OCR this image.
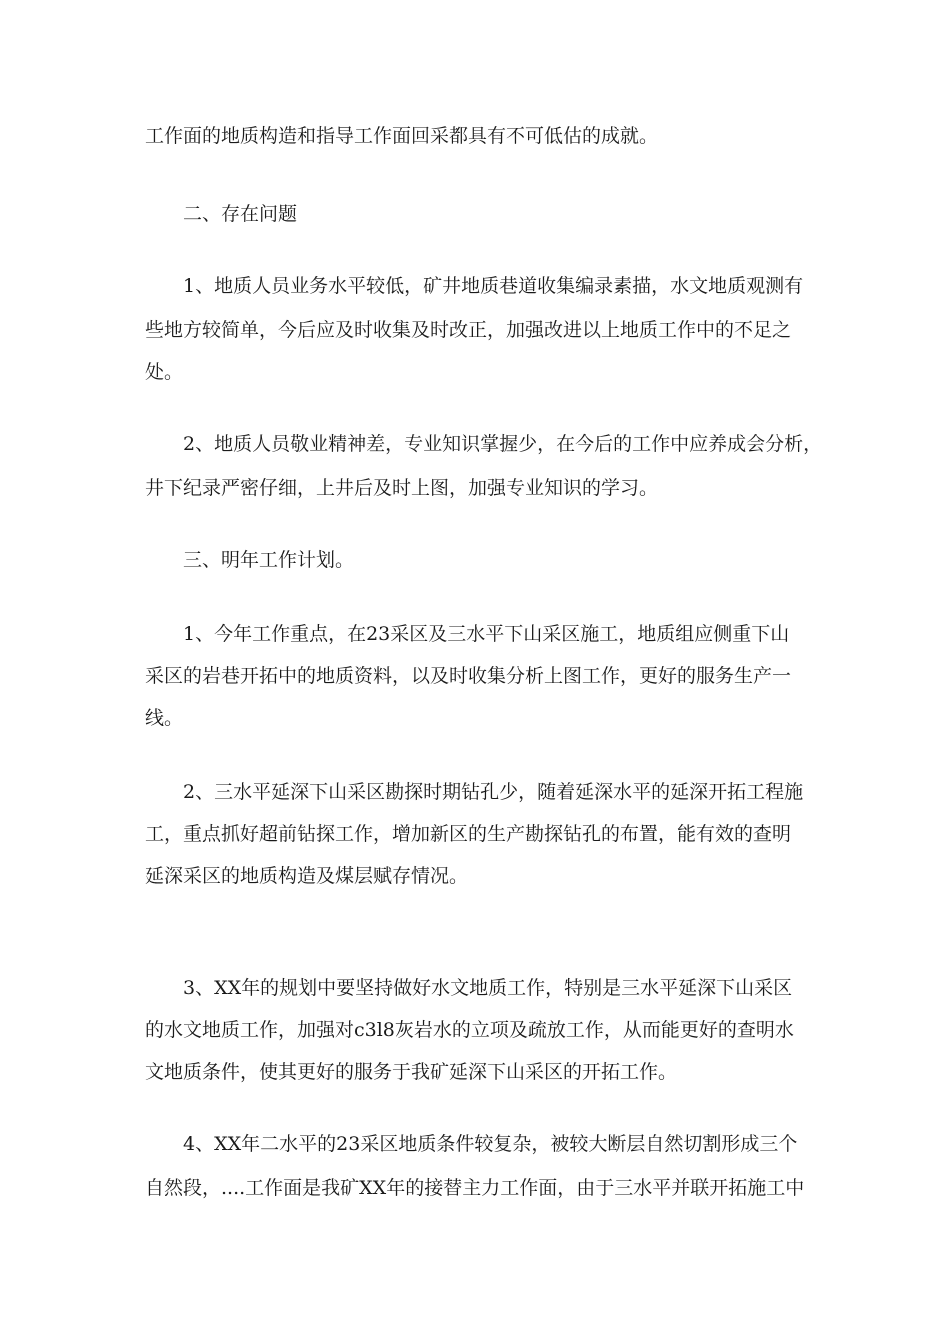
工作面的地质构造和指导工作面回采都具有不可低估的成就。
二、存在问题
1、地质人员业务水平较低，矿井地质巷道收集编录素描，水文地质观测有
些地方较简单，今后应及时收集及时改正，加强改进以上地质工作中的不足之
处。
2、地质人员敬业精神差，专业知识掌握少，在今后的工作中应养成会分析，
井下纪录严密仔细，上井后及时上图，加强专业知识的学习。
三、明年工作计划。
1、今年工作重点，在23采区及三水平下山采区施工，地质组应侧重下山
采区的岩巷开拓中的地质资料，以及时收集分析上图工作，更好的服务生产一
线。
2、三水平延深下山采区勘探时期钻孔少，随着延深水平的延深开拓工程施
工，重点抓好超前钻探工作，增加新区的生产勘探钻孔的布置，能有效的查明
延深采区的地质构造及煤层赋存情况。
3、XX年的规划中要坚持做好水文地质工作，特别是三水平延深下山采区
的水文地质工作，加强对c3l8灰岩水的立项及疏放工作，从而能更好的查明水
文地质条件，使其更好的服务于我矿延深下山采区的开拓工作。
4、XX年二水平的23采区地质条件较复杂，被较大断层自然切割形成三个
自然段，....工作面是我矿XX年的接替主力工作面，由于三水平并联开拓施工中
